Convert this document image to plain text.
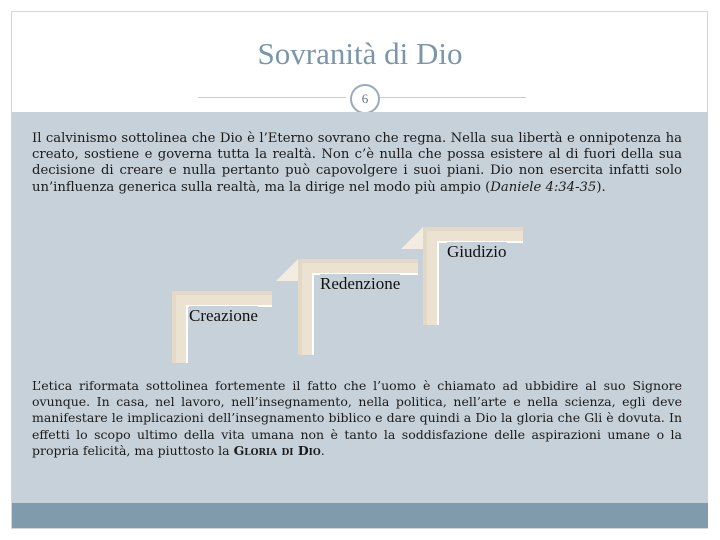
Sovranità di Dio
6

Il calvinismo sottolinea che Dio è l’Eterno sovrano che regna. Nella sua libertà e onnipotenza ha creato, sostiene e governa tutta la realtà. Non c’è nulla che possa esistere al di fuori della sua decisione di creare e nulla pertanto può capovolgere i suoi piani. Dio non esercita infatti solo un’influenza generica sulla realtà, ma la dirige nel modo più ampio (Daniele 4:34-35).

Giudizio
Redenzione
Creazione

L’etica riformata sottolinea fortemente il fatto che l’uomo è chiamato ad ubbidire al suo Signore ovunque. In casa, nel lavoro, nell’insegnamento, nella politica, nell’arte e nella scienza, egli deve manifestare le implicazioni dell’insegnamento biblico e dare quindi a Dio la gloria che Gli è dovuta. In effetti lo scopo ultimo della vita umana non è tanto la soddisfazione delle aspirazioni umane o la propria felicità, ma piuttosto la Gloria di Dio.
